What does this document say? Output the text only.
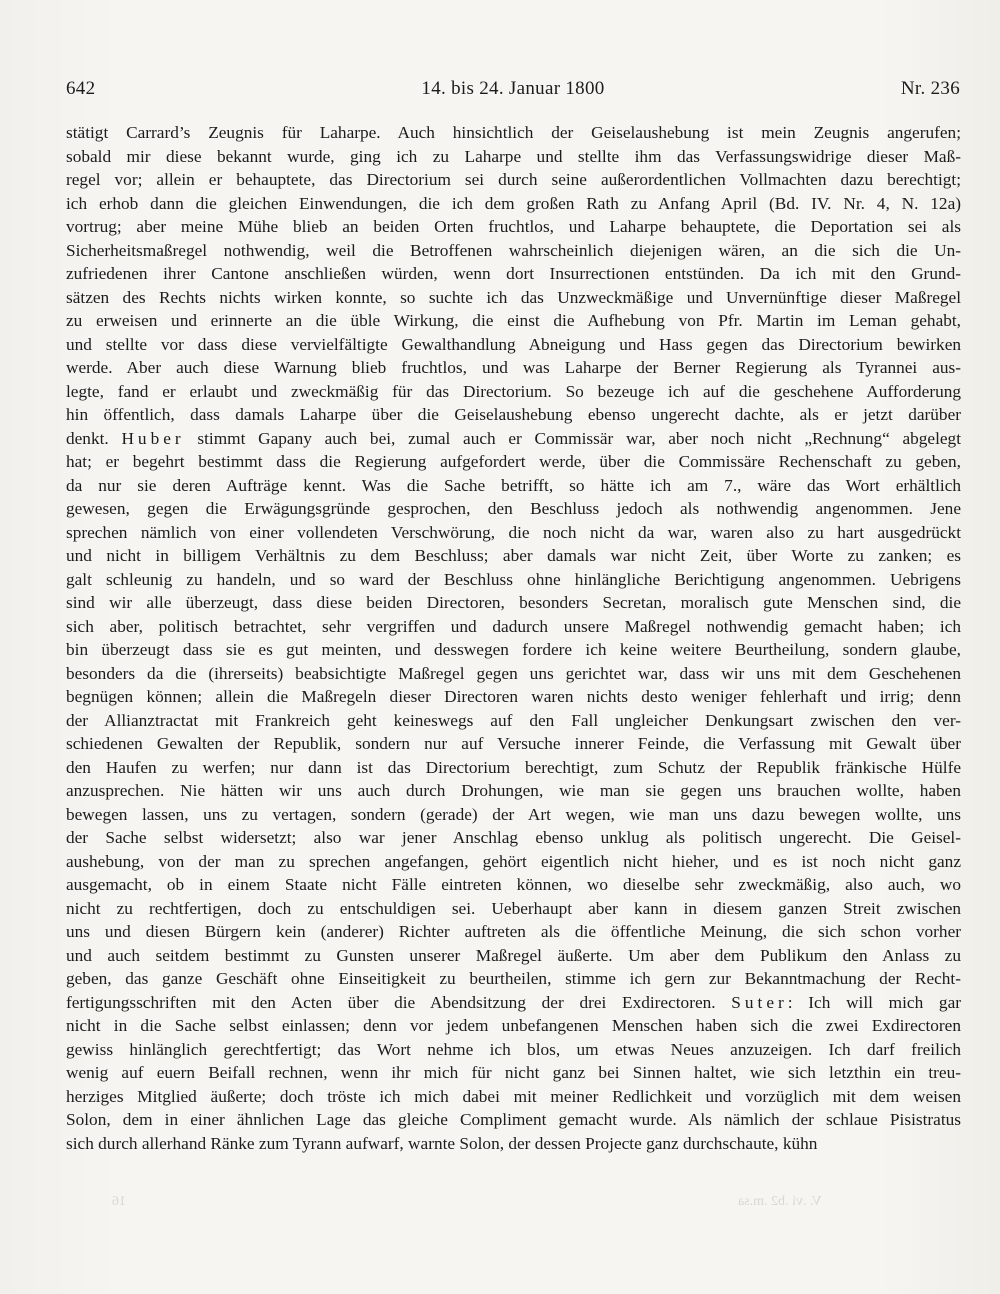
642	14. bis 24. Januar 1800	Nr. 236
stätigt Carrard’s Zeugnis für Laharpe. Auch hinsichtlich der Geiselaushebung ist mein Zeugnis angerufen;
sobald mir diese bekannt wurde, ging ich zu Laharpe und stellte ihm das Verfassungswidrige dieser Maß-
regel vor; allein er behauptete, das Directorium sei durch seine außerordentlichen Vollmachten dazu berechtigt;
ich erhob dann die gleichen Einwendungen, die ich dem großen Rath zu Anfang April (Bd. IV. Nr. 4, N. 12a)
vortrug; aber meine Mühe blieb an beiden Orten fruchtlos, und Laharpe behauptete, die Deportation sei als
Sicherheitsmaßregel nothwendig, weil die Betroffenen wahrscheinlich diejenigen wären, an die sich die Un-
zufriedenen ihrer Cantone anschließen würden, wenn dort Insurrectionen entstünden. Da ich mit den Grund-
sätzen des Rechts nichts wirken konnte, so suchte ich das Unzweckmäßige und Unvernünftige dieser Maßregel
zu erweisen und erinnerte an die üble Wirkung, die einst die Aufhebung von Pfr. Martin im Leman gehabt,
und stellte vor dass diese vervielfältigte Gewalthandlung Abneigung und Hass gegen das Directorium bewirken
werde. Aber auch diese Warnung blieb fruchtlos, und was Laharpe der Berner Regierung als Tyrannei aus-
legte, fand er erlaubt und zweckmäßig für das Directorium. So bezeuge ich auf die geschehene Aufforderung
hin öffentlich, dass damals Laharpe über die Geiselaushebung ebenso ungerecht dachte, als er jetzt darüber
denkt. Huber stimmt Gapany auch bei, zumal auch er Commissär war, aber noch nicht „Rechnung“ abgelegt
hat; er begehrt bestimmt dass die Regierung aufgefordert werde, über die Commissäre Rechenschaft zu geben,
da nur sie deren Aufträge kennt. Was die Sache betrifft, so hätte ich am 7., wäre das Wort erhältlich
gewesen, gegen die Erwägungsgründe gesprochen, den Beschluss jedoch als nothwendig angenommen. Jene
sprechen nämlich von einer vollendeten Verschwörung, die noch nicht da war, waren also zu hart ausgedrückt
und nicht in billigem Verhältnis zu dem Beschluss; aber damals war nicht Zeit, über Worte zu zanken; es
galt schleunig zu handeln, und so ward der Beschluss ohne hinlängliche Berichtigung angenommen. Uebrigens
sind wir alle überzeugt, dass diese beiden Directoren, besonders Secretan, moralisch gute Menschen sind, die
sich aber, politisch betrachtet, sehr vergriffen und dadurch unsere Maßregel nothwendig gemacht haben; ich
bin überzeugt dass sie es gut meinten, und desswegen fordere ich keine weitere Beurtheilung, sondern glaube,
besonders da die (ihrerseits) beabsichtigte Maßregel gegen uns gerichtet war, dass wir uns mit dem Geschehenen
begnügen können; allein die Maßregeln dieser Directoren waren nichts desto weniger fehlerhaft und irrig; denn
der Allianztractat mit Frankreich geht keineswegs auf den Fall ungleicher Denkungsart zwischen den ver-
schiedenen Gewalten der Republik, sondern nur auf Versuche innerer Feinde, die Verfassung mit Gewalt über
den Haufen zu werfen; nur dann ist das Directorium berechtigt, zum Schutz der Republik fränkische Hülfe
anzusprechen. Nie hätten wir uns auch durch Drohungen, wie man sie gegen uns brauchen wollte, haben
bewegen lassen, uns zu vertagen, sondern (gerade) der Art wegen, wie man uns dazu bewegen wollte, uns
der Sache selbst widersetzt; also war jener Anschlag ebenso unklug als politisch ungerecht. Die Geisel-
aushebung, von der man zu sprechen angefangen, gehört eigentlich nicht hieher, und es ist noch nicht ganz
ausgemacht, ob in einem Staate nicht Fälle eintreten können, wo dieselbe sehr zweckmäßig, also auch, wo
nicht zu rechtfertigen, doch zu entschuldigen sei. Ueberhaupt aber kann in diesem ganzen Streit zwischen
uns und diesen Bürgern kein (anderer) Richter auftreten als die öffentliche Meinung, die sich schon vorher
und auch seitdem bestimmt zu Gunsten unserer Maßregel äußerte. Um aber dem Publikum den Anlass zu
geben, das ganze Geschäft ohne Einseitigkeit zu beurtheilen, stimme ich gern zur Bekanntmachung der Recht-
fertigungsschriften mit den Acten über die Abendsitzung der drei Exdirectoren. Suter: Ich will mich gar
nicht in die Sache selbst einlassen; denn vor jedem unbefangenen Menschen haben sich die zwei Exdirectoren
gewiss hinlänglich gerechtfertigt; das Wort nehme ich blos, um etwas Neues anzuzeigen. Ich darf freilich
wenig auf euern Beifall rechnen, wenn ihr mich für nicht ganz bei Sinnen haltet, wie sich letzthin ein treu-
herziges Mitglied äußerte; doch tröste ich mich dabei mit meiner Redlichkeit und vorzüglich mit dem weisen
Solon, dem in einer ähnlichen Lage das gleiche Compliment gemacht wurde. Als nämlich der schlaue Pisistratus
sich durch allerhand Ränke zum Tyrann aufwarf, warnte Solon, der dessen Projecte ganz durchschaute, kühn
16	V. .vi .b2 .m.sa
